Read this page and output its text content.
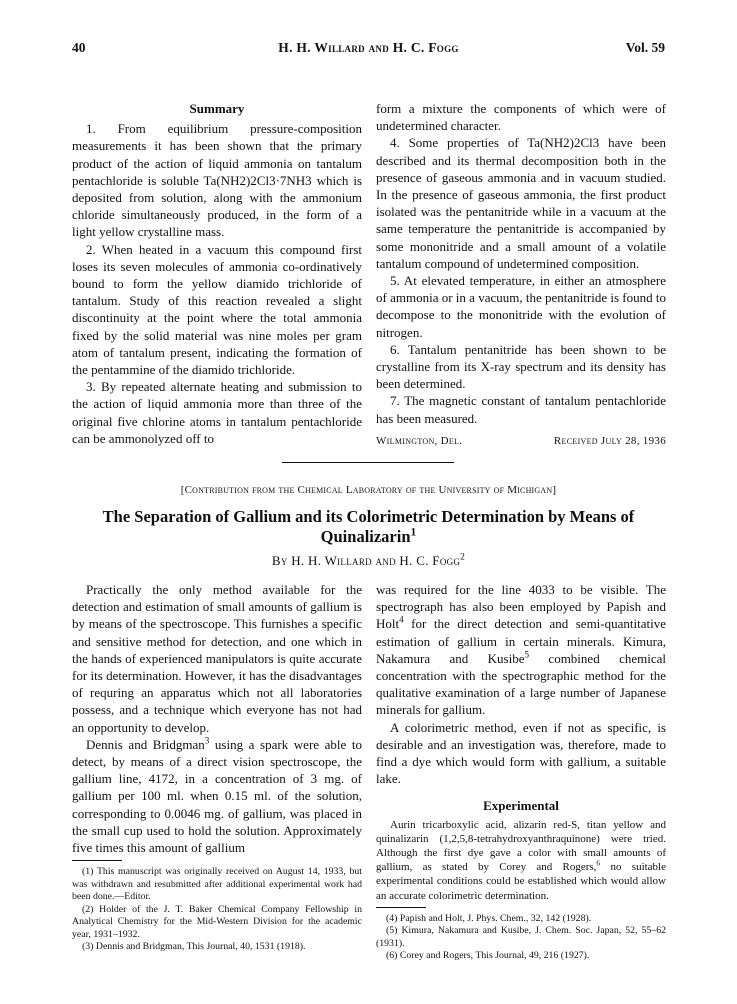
40	H. H. Willard and H. C. Fogg	Vol. 59
Summary

1. From equilibrium pressure-composition measurements it has been shown that the primary product of the action of liquid ammonia on tantalum pentachloride is soluble Ta(NH2)2Cl3·7NH3 which is deposited from solution, along with the ammonium chloride simultaneously produced, in the form of a light yellow crystalline mass.

2. When heated in a vacuum this compound first loses its seven molecules of ammonia co-ordinatively bound to form the yellow diamido trichloride of tantalum. Study of this reaction revealed a slight discontinuity at the point where the total ammonia fixed by the solid material was nine moles per gram atom of tantalum present, indicating the formation of the pentammine of the diamido trichloride.

3. By repeated alternate heating and submission to the action of liquid ammonia more than three of the original five chlorine atoms in tantalum pentachloride can be ammonolyzed off to

form a mixture the components of which were of undetermined character.

4. Some properties of Ta(NH2)2Cl3 have been described and its thermal decomposition both in the presence of gaseous ammonia and in vacuum studied. In the presence of gaseous ammonia, the first product isolated was the pentanitride while in a vacuum at the same temperature the pentanitride is accompanied by some mononitride and a small amount of a volatile tantalum compound of undetermined composition.

5. At elevated temperature, in either an atmosphere of ammonia or in a vacuum, the pentanitride is found to decompose to the mononitride with the evolution of nitrogen.

6. Tantalum pentanitride has been shown to be crystalline from its X-ray spectrum and its density has been determined.

7. The magnetic constant of tantalum pentachloride has been measured.

Wilmington, Del.	Received July 28, 1936
[Contribution from the Chemical Laboratory of the University of Michigan]
The Separation of Gallium and its Colorimetric Determination by Means of
Quinalizarin$^1$
By H. H. Willard and H. C. Fogg$^2$

Practically the only method available for the detection and estimation of small amounts of gallium is by means of the spectroscope. This furnishes a specific and sensitive method for detection, and one which in the hands of experienced manipulators is quite accurate for its determination. However, it has the disadvantages of requring an apparatus which not all laboratories possess, and a technique which everyone has not had an opportunity to develop.

Dennis and Bridgman$^3$ using a spark were able to detect, by means of a direct vision spectroscope, the gallium line, 4172, in a concentration of 3 mg. of gallium per 100 ml. when 0.15 ml. of the solution, corresponding to 0.0046 mg. of gallium, was placed in the small cup used to hold the solution. Approximately five times this amount of gallium

(1) This manuscript was originally received on August 14, 1933, but was withdrawn and resubmitted after additional experimental work had been done.—Editor.

(2) Holder of the J. T. Baker Chemical Company Fellowship in Analytical Chemistry for the Mid-Western Division for the academic year, 1931–1932.

(3) Dennis and Bridgman, This Journal, 40, 1531 (1918).

was required for the line 4033 to be visible. The spectrograph has also been employed by Papish and Holt$^4$ for the direct detection and semi-quantitative estimation of gallium in certain minerals. Kimura, Nakamura and Kusibe$^5$ combined chemical concentration with the spectrographic method for the qualitative examination of a large number of Japanese minerals for gallium.

A colorimetric method, even if not as specific, is desirable and an investigation was, therefore, made to find a dye which would form with gallium, a suitable lake.

Experimental

Aurin tricarboxylic acid, alizarin red-S, titan yellow and quinalizarin (1,2,5,8-tetrahydroxyanthraquinone) were tried. Although the first dye gave a color with small amounts of gallium, as stated by Corey and Rogers,$^6$ no suitable experimental conditions could be established which would allow an accurate colorimetric determination.

(4) Papish and Holt, J. Phys. Chem., 32, 142 (1928).

(5) Kimura, Nakamura and Kusibe, J. Chem. Soc. Japan, 52, 55–62 (1931).

(6) Corey and Rogers, This Journal, 49, 216 (1927).
